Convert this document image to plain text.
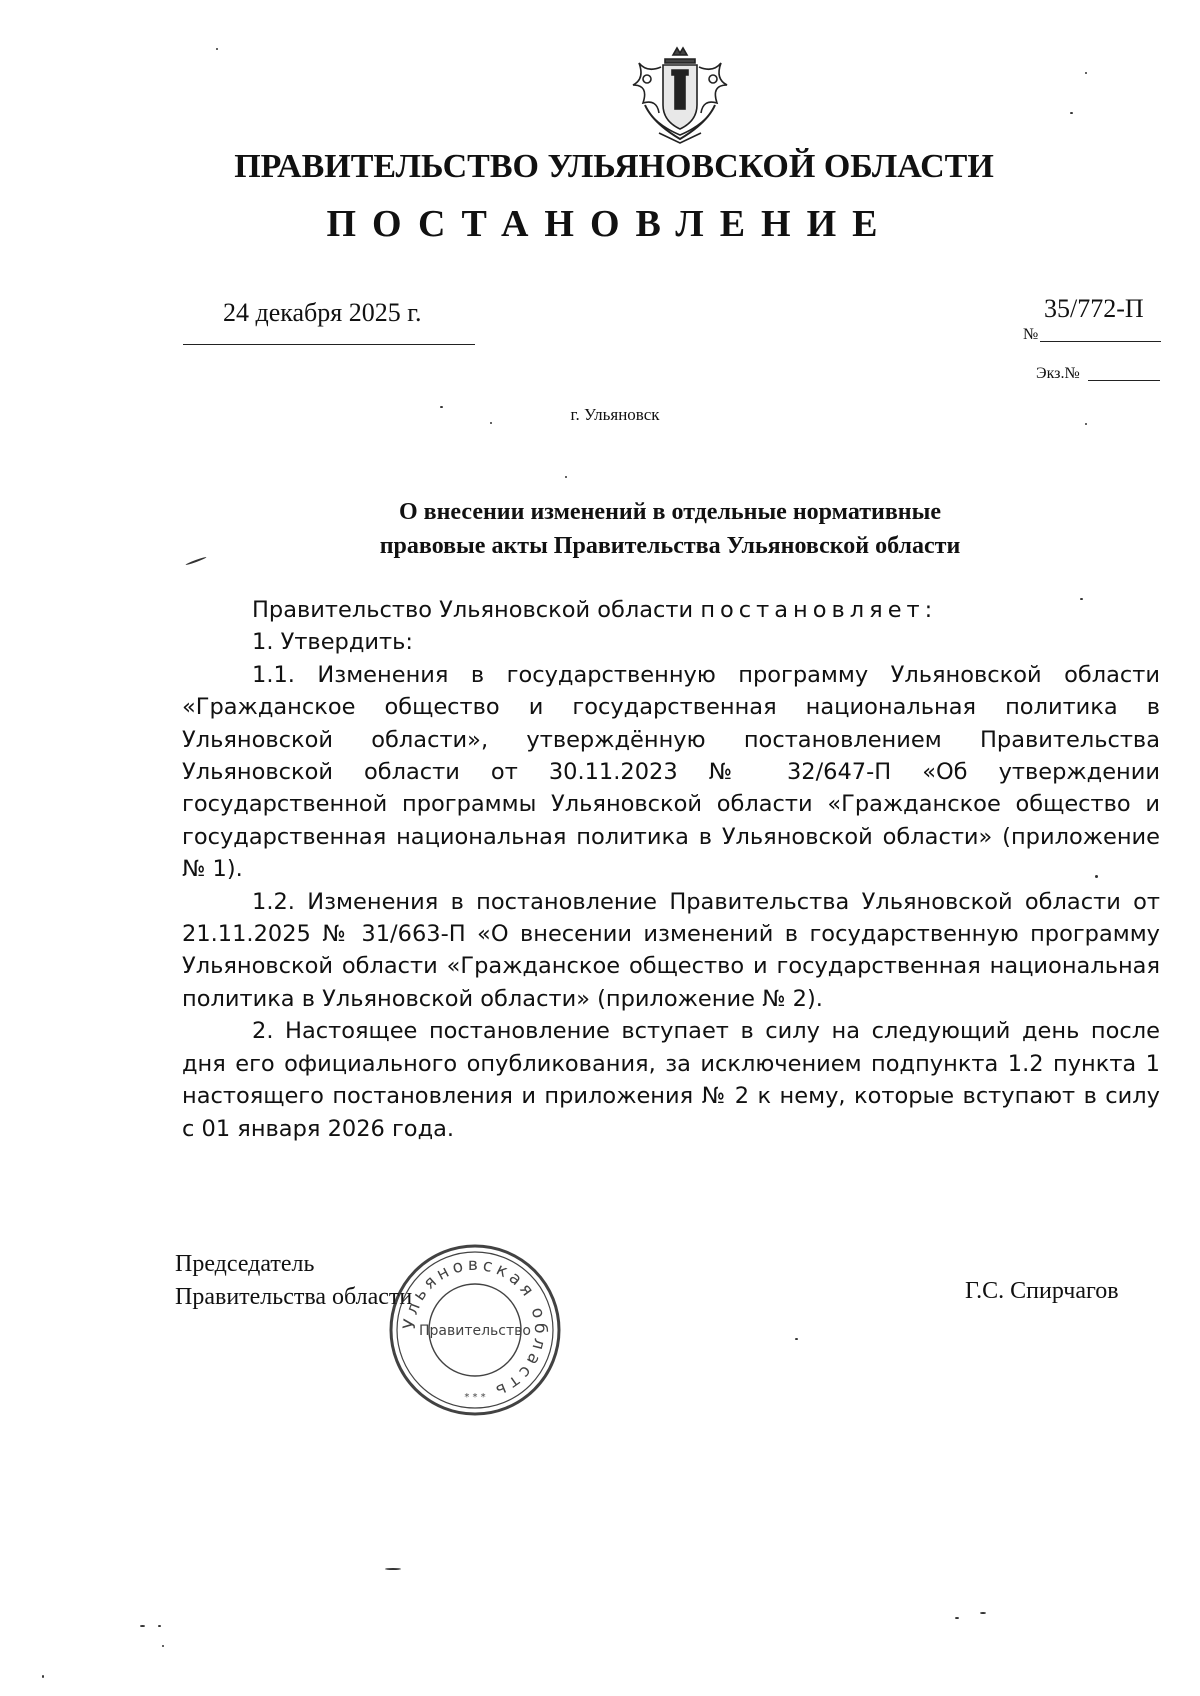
ПРАВИТЕЛЬСТВО УЛЬЯНОВСКОЙ ОБЛАСТИ
ПОСТАНОВЛЕНИЕ
24 декабря 2025 г.
№
35/772-П
Экз.№
г. Ульяновск
О внесении изменений в отдельные нормативные
правовые акты Правительства Ульяновской области

Правительство Ульяновской области постановляет:

1. Утвердить:

1.1. Изменения в государственную программу Ульяновской области «Гражданское общество и государственная национальная политика в Ульяновской области», утверждённую постановлением Правительства Ульяновской области от 30.11.2023 № 32/647-П «Об утверждении государственной программы Ульяновской области «Гражданское общество и государственная национальная политика в Ульяновской области» (приложение № 1).

1.2. Изменения в постановление Правительства Ульяновской области от 21.11.2025 № 31/663-П «О внесении изменений в государственную программу Ульяновской области «Гражданское общество и государственная национальная политика в Ульяновской области» (приложение № 2).

2. Настоящее постановление вступает в силу на следующий день после дня его официального опубликования, за исключением подпункта 1.2 пункта 1 настоящего постановления и приложения № 2 к нему, которые вступают в силу с 01 января 2026 года.

Председатель
Правительства области	Г.С. Спирчагов
Ульяновская область
Правительство
* * *
